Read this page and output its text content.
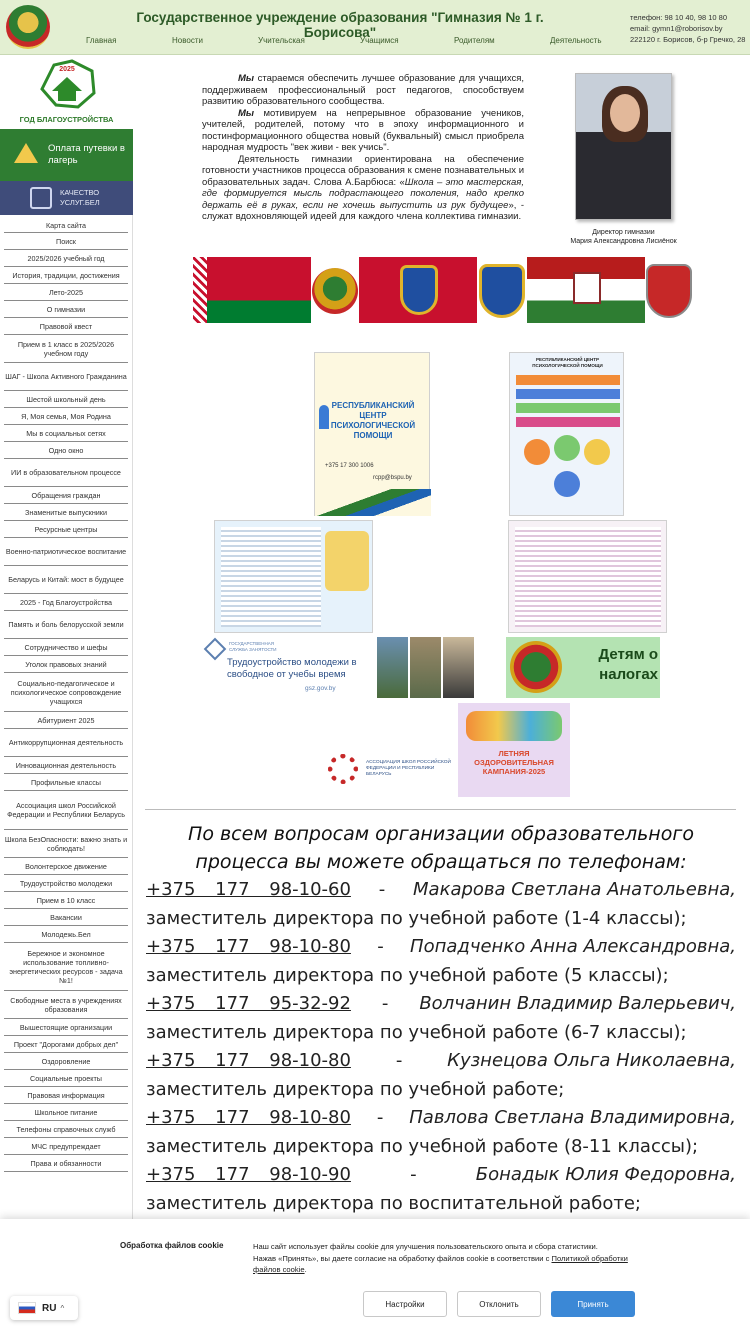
Государственное учреждение образования "Гимназия № 1 г. Борисова"
Главная	Новости	Учительская	Учащимся	Родителям	Деятельность
телефон: 98 10 40, 98 10 80
email: gymn1@roborisov.by
222120 г. Борисов, б-р Гречко, 28
2025
ГОД БЛАГОУСТРОЙСТВА
Оплата путевки в лагерь
КАЧЕСТВО УСЛУГ.БЕЛ
Карта сайта
Поиск
2025/2026 учебный год
История, традиции, достижения
Лето-2025
О гимназии
Правовой квест
Прием в 1 класс в 2025/2026 учебном году
ШАГ - Школа Активного Гражданина
Шестой школьный день
Я, Моя семья, Моя Родина
Мы в социальных сетях
Одно окно
ИИ в образовательном процессе
Обращения граждан
Знаменитые выпускники
Ресурсные центры
Военно-патриотическое воспитание
Беларусь и Китай: мост в будущее
2025 - Год Благоустройства
Память и боль белорусской земли
Сотрудничество и шефы
Уголок правовых знаний
Социально-педагогическое и психологическое сопровождение учащихся
Абитуриент 2025
Антикоррупционная деятельность
Инновационная деятельность
Профильные классы
Ассоциация школ Российской Федерации и Республики Беларусь
Школа БезОпасности: важно знать и соблюдать!
Волонтерское движение
Трудоустройство молодежи
Прием в 10 класс
Вакансии
Молодежь.Бел
Бережное и экономное использование топливно-энергетических ресурсов - задача №1!
Свободные места в учреждениях образования
Вышестоящие организации
Проект "Дорогами добрых дел"
Оздоровление
Социальные проекты
Правовая информация
Школьное питание
Телефоны справочных служб
МЧС предупреждает
Права и обязанности

Мы стараемся обеспечить лучшее образование для учащихся, поддерживаем профессиональный рост педагогов, способствуем развитию образовательного сообщества.

Мы мотивируем на непрерывное образование учеников, учителей, родителей, потому что в эпоху информационного и постинформационного общества новый (буквальный) смысл приобрела народная мудрость "век живи - век учись".

Деятельность гимназии ориентирована на обеспечение готовности участников процесса образования к смене познавательных и образовательных задач. Слова А.Барбюса: «Школа – это мастерская, где формируется мысль подрастающего поколения, надо крепко держать её в руках, если не хочешь выпустить из рук будущее», - служат вдохновляющей идеей для каждого члена коллектива гимназии.

Директор гимназии
Мария Александровна Лисиёнок
РЕСПУБЛИКАНСКИЙ ЦЕНТР ПСИХОЛОГИЧЕСКОЙ ПОМОЩИ
+375 17 300 1006
rcpp@bspu.by
РЕСПУБЛИКАНСКИЙ ЦЕНТР ПСИХОЛОГИЧЕСКОЙ ПОМОЩИ
ГОСУДАРСТВЕННАЯ СЛУЖБА ЗАНЯТОСТИ
Трудоустройство молодежи в свободное от учебы время
gsz.gov.by
Детям о налогах
ЛЕТНЯЯ ОЗДОРОВИТЕЛЬНАЯ КАМПАНИЯ-2025
АССОЦИАЦИЯ ШКОЛ РОССИЙСКОЙ ФЕДЕРАЦИИ И РЕСПУБЛИКИ БЕЛАРУСЬ
По всем вопросам организации образовательного процесса вы можете обращаться по телефонам:
+375 177 98-10-60 - Макарова Светлана Анатольевна,
заместитель директора по учебной работе (1-4 классы);
+375 177 98-10-80 - Попадченко Анна Александровна,
заместитель директора по учебной работе (5 классы);
+375 177 95-32-92 - Волчанин Владимир Валерьевич,
заместитель директора по учебной работе (6-7 классы);
+375 177 98-10-80 - Кузнецова Ольга Николаевна,
заместитель директора по учебной работе;
+375 177 98-10-80 - Павлова Светлана Владимировна,
заместитель директора по учебной работе (8-11 классы);
+375 177 98-10-90	-	Бонадык Юлия Федоровна,
заместитель директора по воспитательной работе;
Обработка файлов cookie	Наш сайт использует файлы cookie для улучшения пользовательского опыта и сбора статистики.
Нажав «Принять», вы даете согласие на обработку файлов cookie в соответствии с Политикой обработки файлов cookie.
Настройки	Отклонить	Принять
RU ^
